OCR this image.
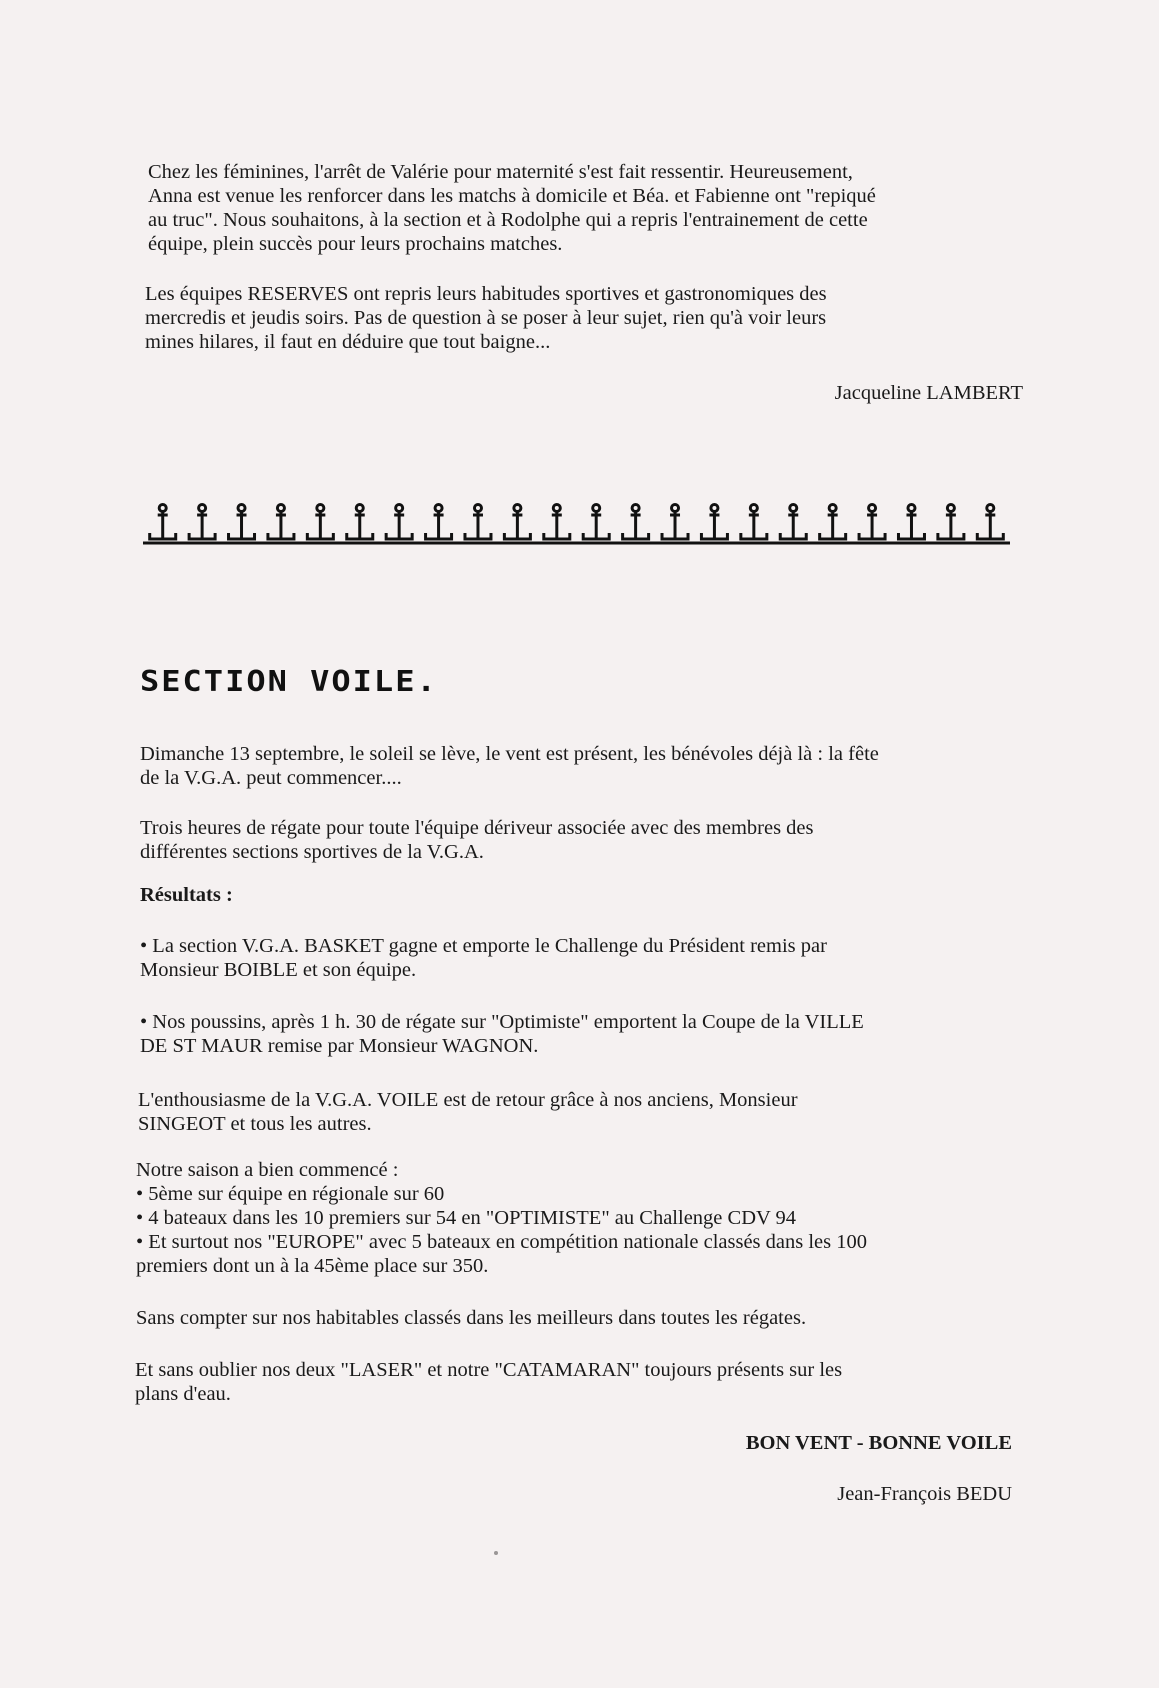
Chez les féminines, l'arrêt de Valérie pour maternité s'est fait ressentir. Heureusement,
Anna est venue les renforcer dans les matchs à domicile et Béa. et Fabienne ont "repiqué
au truc". Nous souhaitons, à la section et à Rodolphe qui a repris l'entrainement de cette
équipe, plein succès pour leurs prochains matches.
Les équipes RESERVES ont repris leurs habitudes sportives et gastronomiques des
mercredis et jeudis soirs. Pas de question à se poser à leur sujet, rien qu'à voir leurs
mines hilares, il faut en déduire que tout baigne...
Jacqueline LAMBERT
SECTION VOILE.
Dimanche 13 septembre, le soleil se lève, le vent est présent, les bénévoles déjà là : la fête
de la V.G.A. peut commencer....
Trois heures de régate pour toute l'équipe dériveur associée avec des membres des
différentes sections sportives de la V.G.A.
Résultats :
• La section V.G.A. BASKET gagne et emporte le Challenge du Président remis par
Monsieur BOIBLE et son équipe.
• Nos poussins, après 1 h. 30 de régate sur "Optimiste" emportent la Coupe de la VILLE
DE ST MAUR remise par Monsieur WAGNON.
L'enthousiasme de la V.G.A. VOILE est de retour grâce à nos anciens, Monsieur
SINGEOT et tous les autres.
Notre saison a bien commencé :
• 5ème sur équipe en régionale sur 60
• 4 bateaux dans les 10 premiers sur 54 en "OPTIMISTE" au Challenge CDV 94
• Et surtout nos "EUROPE" avec 5 bateaux en compétition nationale classés dans les 100
premiers dont un à la 45ème place sur 350.
Sans compter sur nos habitables classés dans les meilleurs dans toutes les régates.
Et sans oublier nos deux "LASER" et notre "CATAMARAN" toujours présents sur les
plans d'eau.
BON VENT - BONNE VOILE
Jean-François BEDU
